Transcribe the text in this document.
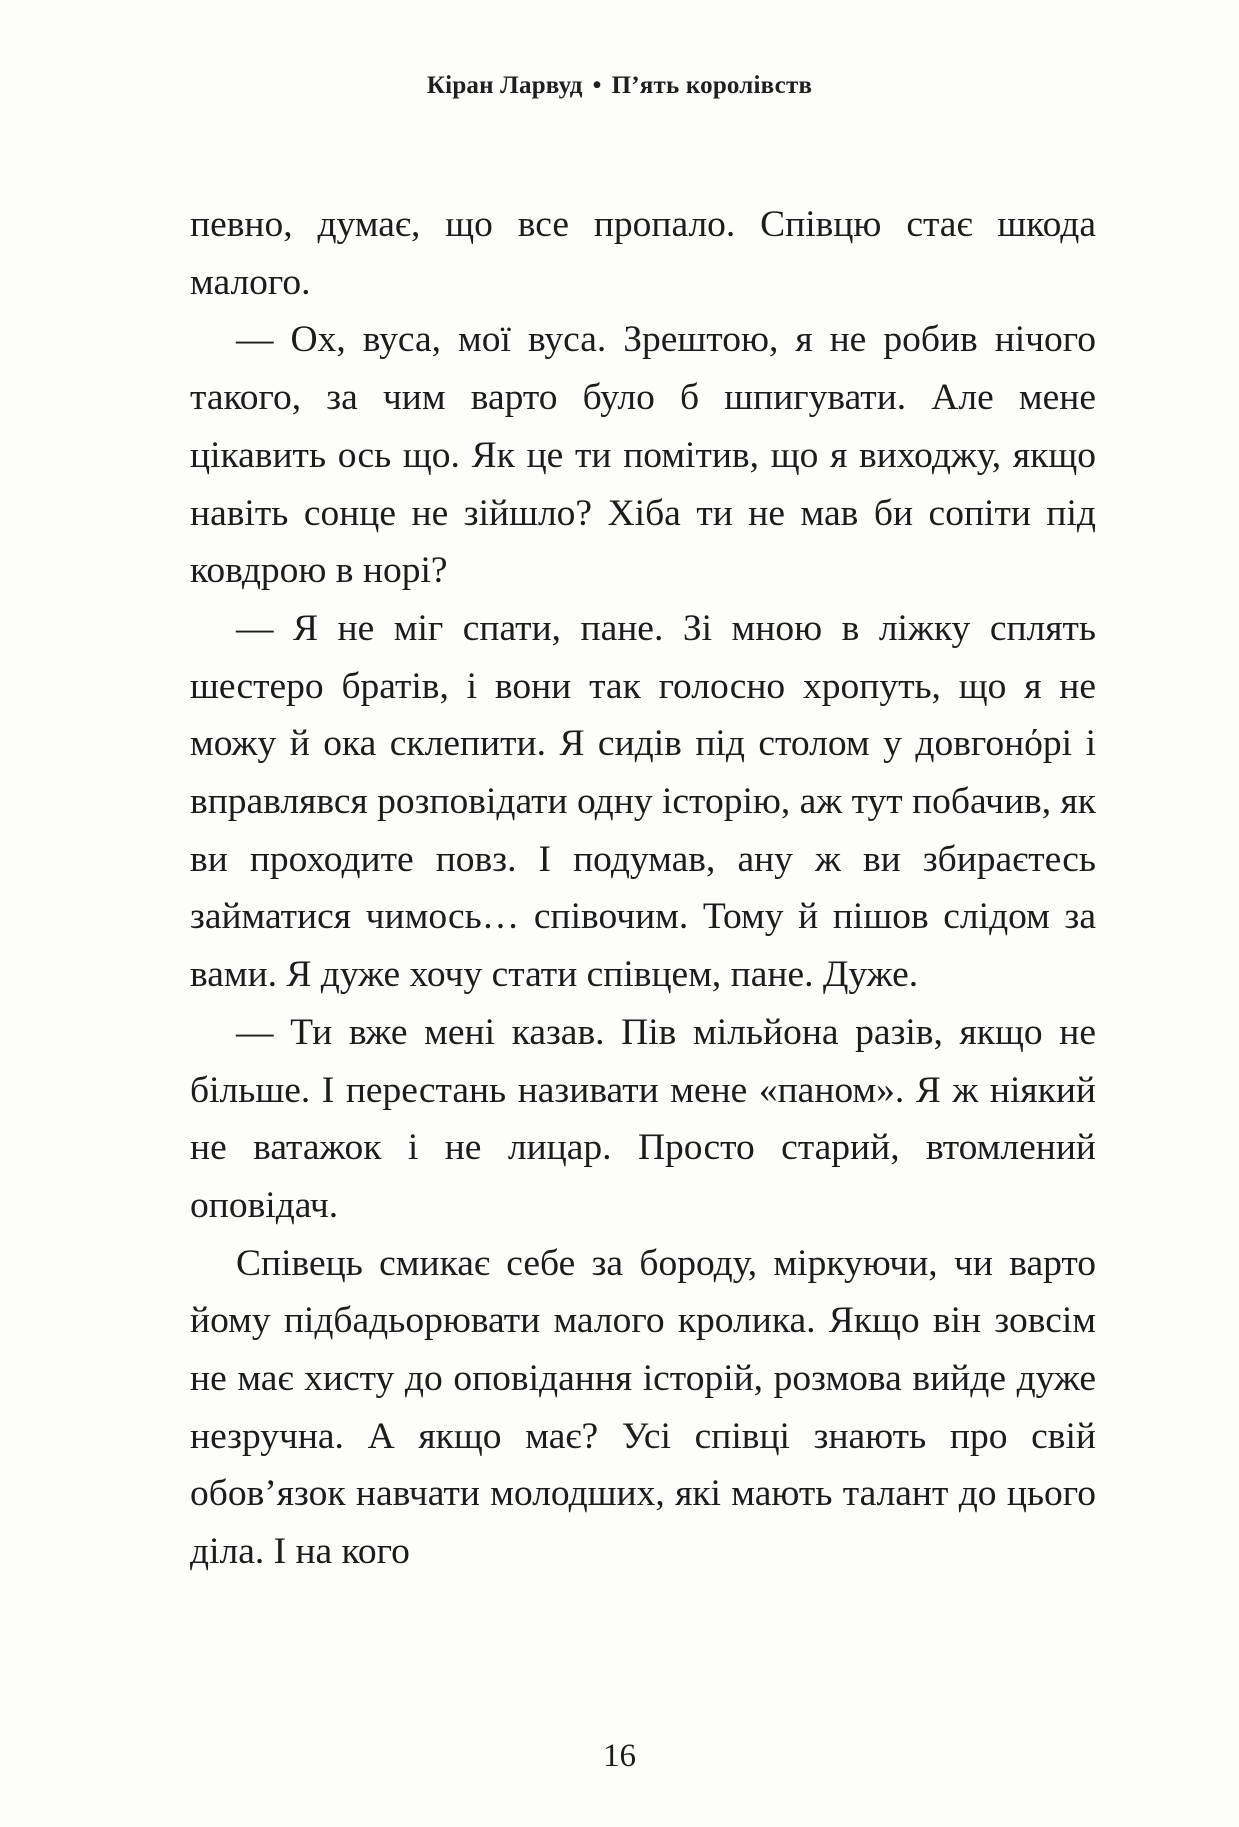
Кіран Ларвуд • П’ять королівств

певно, думає, що все пропало. Співцю стає шкода малого.

— Ох, вуса, мої вуса. Зрештою, я не робив нічого такого, за чим варто було б шпигувати. Але мене цікавить ось що. Як це ти помітив, що я виходжу, якщо навіть сонце не зійшло? Хіба ти не мав би сопіти під ковдрою в норі?

— Я не міг спати, пане. Зі мною в ліжку сплять шестеро братів, і вони так голосно хропуть, що я не можу й ока склепити. Я сидів під столом у довгонόрі і вправлявся розповідати одну історію, аж тут побачив, як ви проходите повз. І подумав, ану ж ви збираєтесь займатися чимось… співочим. Тому й пішов слідом за вами. Я дуже хочу стати співцем, пане. Дуже.

— Ти вже мені казав. Пів мільйона разів, якщо не більше. І перестань називати мене «паном». Я ж ніякий не ватажок і не лицар. Просто старий, втомлений оповідач.

Співець смикає себе за бороду, міркуючи, чи варто йому підбадьорювати малого кролика. Якщо він зовсім не має хисту до оповідання історій, розмова вийде дуже незручна. А якщо має? Усі співці знають про свій обов’язок навчати молодших, які мають талант до цього діла. І на кого

16
